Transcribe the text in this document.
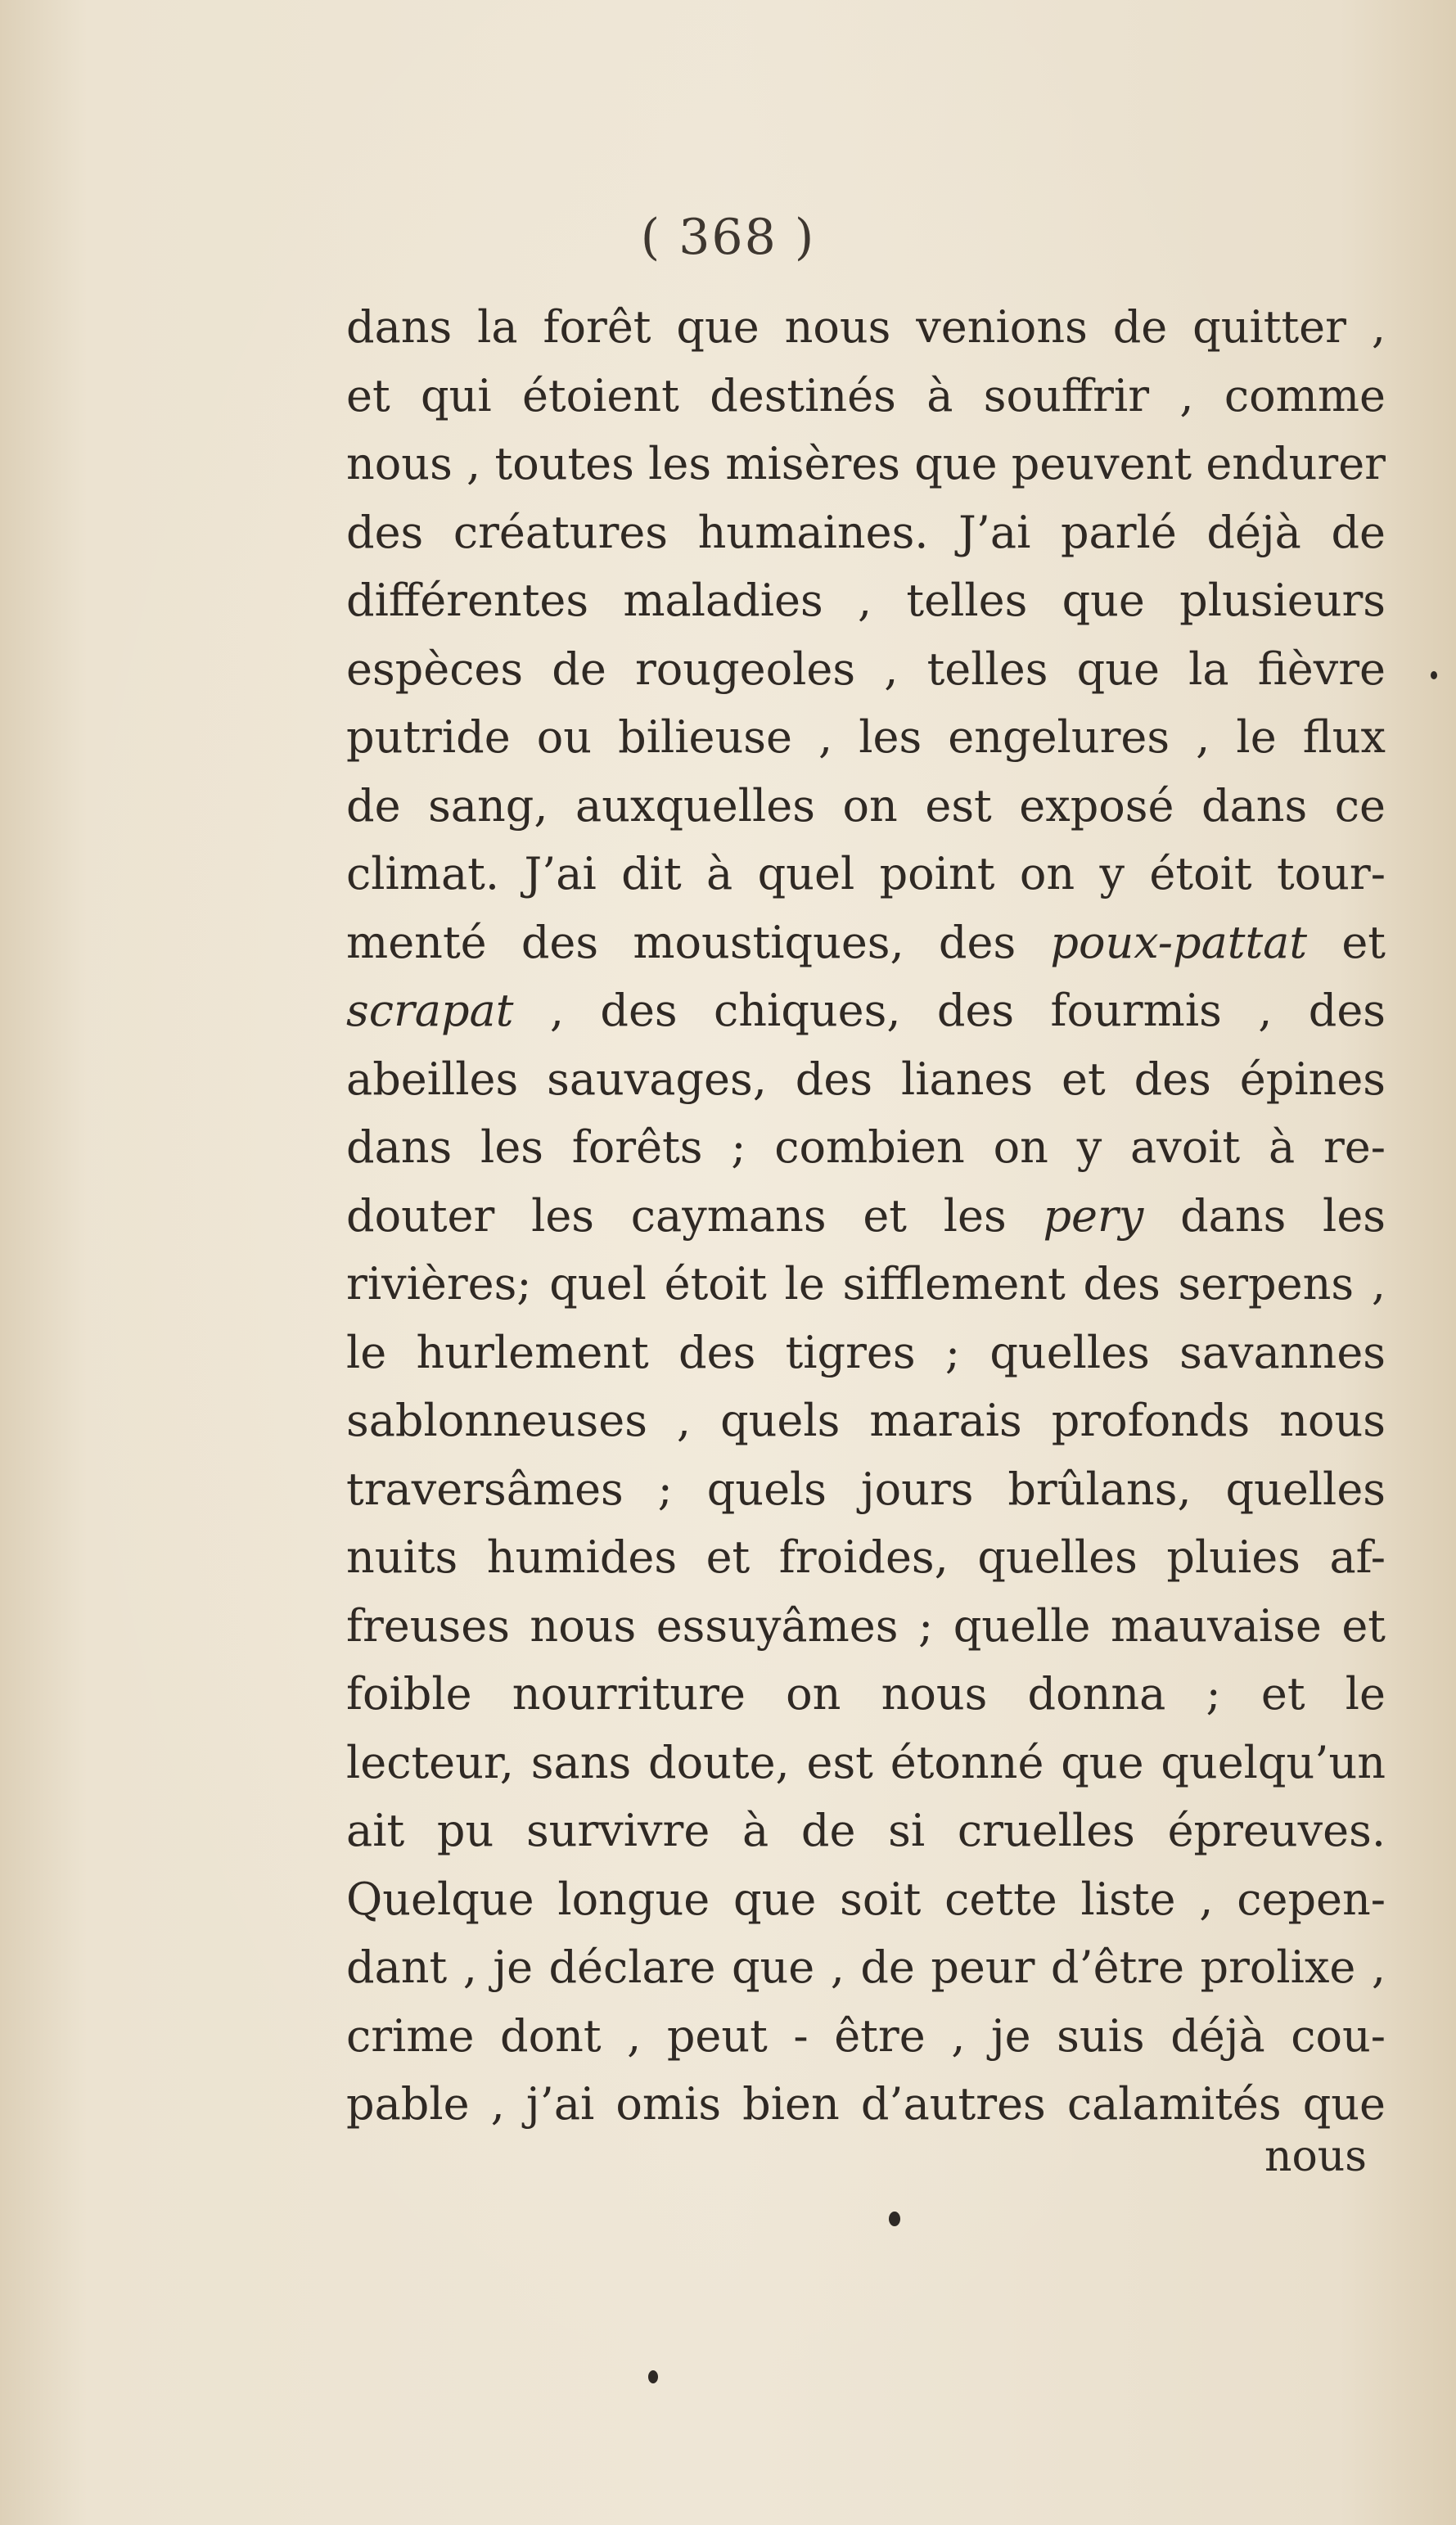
( 368 )
dans la forêt que nous venions de quitter ,
et qui étoient destinés à souffrir , comme
nous , toutes les misères que peuvent endurer
des créatures humaines. J’ai parlé déjà de
différentes maladies , telles que plusieurs
espèces de rougeoles , telles que la fièvre
putride ou bilieuse , les engelures , le flux
de sang, auxquelles on est exposé dans ce
climat. J’ai dit à quel point on y étoit tour-
menté des moustiques, des poux-pattat et
scrapat , des chiques, des fourmis , des
abeilles sauvages, des lianes et des épines
dans les forêts ; combien on y avoit à re-
douter les caymans et les pery dans les
rivières; quel étoit le sifflement des serpens ,
le hurlement des tigres ; quelles savannes
sablonneuses , quels marais profonds nous
traversâmes ; quels jours brûlans, quelles
nuits humides et froides, quelles pluies af-
freuses nous essuyâmes ; quelle mauvaise et
foible nourriture on nous donna ; et le
lecteur, sans doute, est étonné que quelqu’un
ait pu survivre à de si cruelles épreuves.
Quelque longue que soit cette liste , cepen-
dant , je déclare que , de peur d’être prolixe ,
crime dont , peut - être , je suis déjà cou-
pable , j’ai omis bien d’autres calamités que
nous
